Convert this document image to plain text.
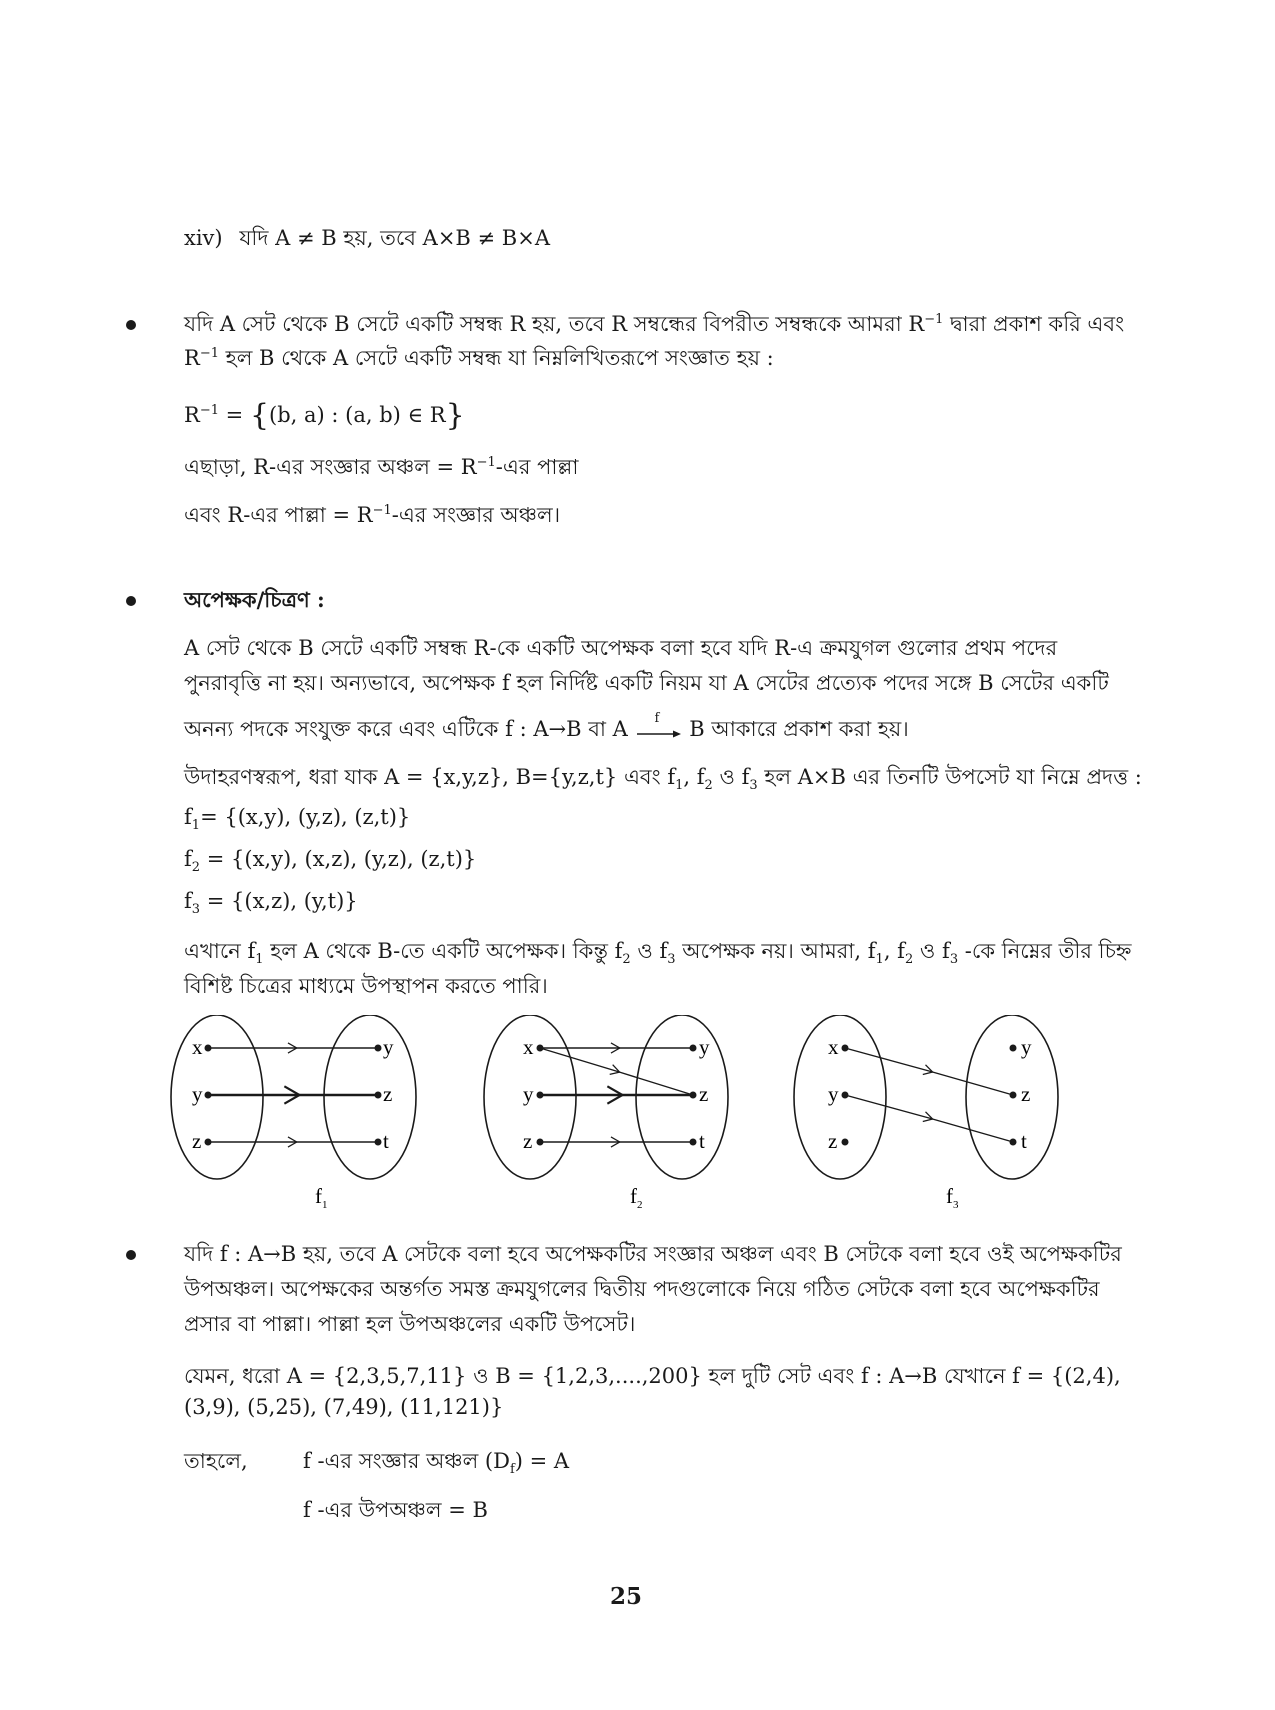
xiv) যদি A ≠ B হয়, তবে A×B ≠ B×A
যদি A সেট থেকে B সেটে একটি সম্বন্ধ R হয়, তবে R সম্বন্ধের বিপরীত সম্বন্ধকে আমরা $R^{-1}$ দ্বারা প্রকাশ করি এবং
$R^{-1}$ হল B থেকে A সেটে একটি সম্বন্ধ যা নিম্নলিখিতরূপে সংজ্ঞাত হয় :
$R^{-1} = \{(b$, a) : (a, b) ∈ R}
এছাড়া, R-এর সংজ্ঞার অঞ্চল = $R^{-1}-এর$ পাল্লা
এবং R-এর পাল্লা = $R^{-1}-এর$ সংজ্ঞার অঞ্চল।
অপেক্ষক/চিত্রণ :
A সেট থেকে B সেটে একটি সম্বন্ধ R-কে একটি অপেক্ষক বলা হবে যদি R-এ ক্রমযুগল গুলোর প্রথম পদের
পুনরাবৃত্তি না হয়। অন্যভাবে, অপেক্ষক f হল নির্দিষ্ট একটি নিয়ম যা A সেটের প্রত্যেক পদের সঙ্গে B সেটের একটি
অনন্য পদকে সংযুক্ত করে এবং এটিকে f : A→B বা A f B আকারে প্রকাশ করা হয়।
উদাহরণস্বরূপ, ধরা যাক A = {x,y,z}, B={y,z,t} এবং $f_1$, $f_2$ ও $f_3$ হল A×B এর তিনটি উপসেট যা নিম্নে প্রদত্ত :
$f_1= \{(x,y)$, (y,z), (z,t)}
$f_2 = \{(x,y)$, (x,z), (y,z), (z,t)}
$f_3 = \{(x,z)$, (y,t)}
এখানে $f_1$ হল A থেকে B-তে একটি অপেক্ষক। কিন্তু $f_2$ ও $f_3$ অপেক্ষক নয়। আমরা, $f_1$, $f_2$ ও $f_3$ -কে নিম্নের তীর চিহ্ন
বিশিষ্ট চিত্রের মাধ্যমে উপস্থাপন করতে পারি।
x
y
z
y
z
t
x
y
z
y
z
t
x
y
z
y
z
t
$f_1$	$f_2$	$f_3$
যদি f : A→B হয়, তবে A সেটকে বলা হবে অপেক্ষকটির সংজ্ঞার অঞ্চল এবং B সেটকে বলা হবে ওই অপেক্ষকটির
উপঅঞ্চল। অপেক্ষকের অন্তর্গত সমস্ত ক্রমযুগলের দ্বিতীয় পদগুলোকে নিয়ে গঠিত সেটকে বলা হবে অপেক্ষকটির
প্রসার বা পাল্লা। পাল্লা হল উপঅঞ্চলের একটি উপসেট।
যেমন, ধরো A = {2,3,5,7,11} ও B = {1,2,3,....,200} হল দুটি সেট এবং f : A→B যেখানে f = {(2,4),
(3,9), (5,25), (7,49), (11,121)}
তাহলে,	f -এর সংজ্ঞার অঞ্চল $(D_f) = A$
f -এর উপঅঞ্চল = B
25
